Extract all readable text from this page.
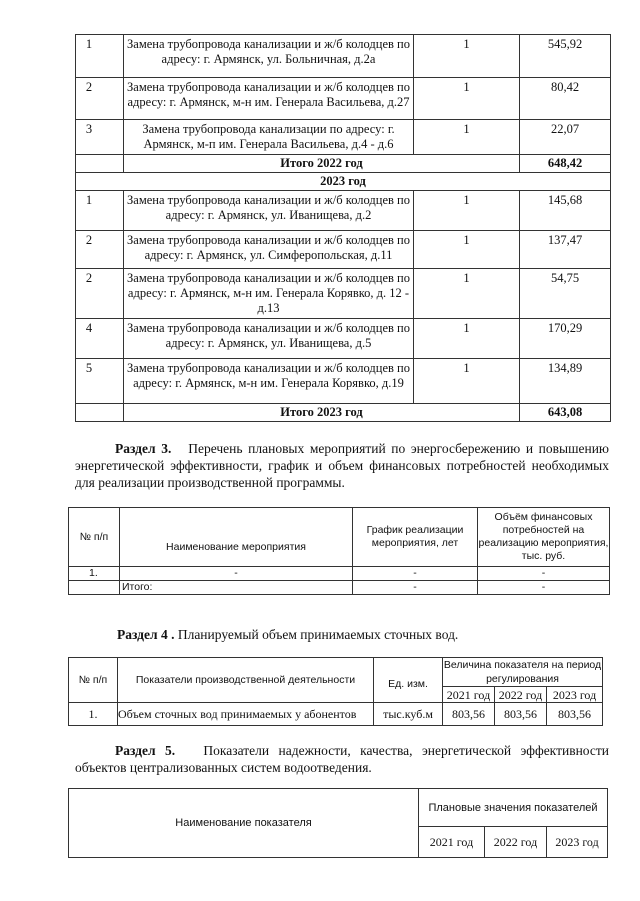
1	Замена трубопровода канализации и ж/б колодцев по адресу: г. Армянск, ул. Больничная, д.2а	1	545,92
2	Замена трубопровода канализации и ж/б колодцев по адресу: г. Армянск, м-н им. Генерала Васильева, д.27	1	80,42
3	Замена трубопровода канализации по адресу: г. Армянск, м-п им. Генерала Васильева, д.4 - д.6	1	22,07
	Итого 2022 год		648,42
2023 год			
1	Замена трубопровода канализации и ж/б колодцев по адресу: г. Армянск, ул. Иванищева, д.2	1	145,68
2	Замена трубопровода канализации и ж/б колодцев по адресу: г. Армянск, ул. Симферопольская, д.11	1	137,47
2	Замена трубопровода канализации и ж/б колодцев по адресу: г. Армянск, м-н им. Генерала Корявко, д. 12 - д.13	1	54,75
4	Замена трубопровода канализации и ж/б колодцев по адресу: г. Армянск, ул. Иванищева, д.5	1	170,29
5	Замена трубопровода канализации и ж/б колодцев по адресу: г. Армянск, м-н им. Генерала Корявко, д.19	1	134,89
	Итого 2023 год		643,08
Раздел 3. Перечень плановых мероприятий по энергосбережению и повышению энергетической эффективности, график и объем финансовых потребностей необходимых для реализации производственной программы.
№ п/п	Наименование мероприятия	График реализации мероприятия, лет	Объём финансовых потребностей на реализацию мероприятия, тыс. руб.
1.	-	-	-
	Итого:	-	-
Раздел 4 . Планируемый объем принимаемых сточных вод.
№ п/п	Показатели производственной деятельности	Ед. изм.	Величина показателя на период регулирования		
			2021 год	2022 год	2023 год
1.	Объем сточных вод принимаемых у абонентов	тыс.куб.м	803,56	803,56	803,56
Раздел 5. Показатели надежности, качества, энергетической эффективности объектов централизованных систем водоотведения.
Наименование показателя	Плановые значения показателей		
	2021 год	2022 год	2023 год
